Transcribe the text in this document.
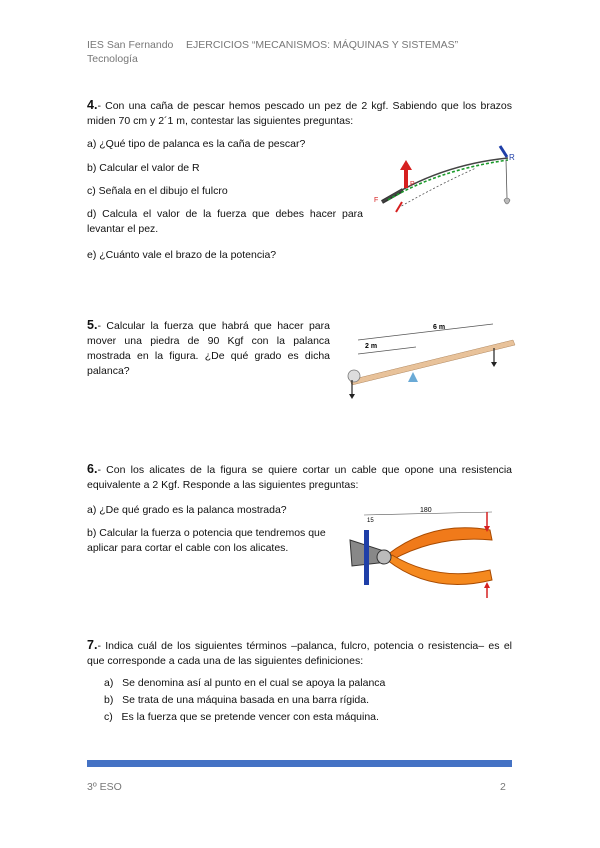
IES San Fernando
Tecnología
EJERCICIOS “MECANISMOS: MÁQUINAS Y SISTEMAS”
4.- Con una caña de pescar hemos pescado un pez de 2 kgf. Sabiendo que los brazos miden 70 cm y 2´1 m, contestar las siguientes preguntas:
a) ¿Qué tipo de palanca es la caña de pescar?
b) Calcular el valor de R
c) Señala en el dibujo el fulcro
d) Calcula el valor de la fuerza que debes hacer para levantar el pez.
e) ¿Cuánto vale el brazo de la potencia?
R
P
F
5.- Calcular la fuerza que habrá que hacer para mover una piedra de 90 Kgf con la palanca mostrada en la figura. ¿De qué grado es dicha palanca?
6 m
2 m
6.- Con los alicates de la figura se quiere cortar un cable que opone una resistencia equivalente a 2 Kgf. Responde a las siguientes preguntas:
a) ¿De qué grado es la palanca mostrada?
b) Calcular la fuerza o potencia que tendremos que aplicar para cortar el cable con los alicates.
180
15
7.- Indica cuál de los siguientes términos –palanca, fulcro, potencia o resistencia– es el que corresponde a cada una de las siguientes definiciones:
a) Se denomina así al punto en el cual se apoya la palanca
b) Se trata de una máquina basada en una barra rígida.
c) Es la fuerza que se pretende vencer con esta máquina.
3º ESO	2
